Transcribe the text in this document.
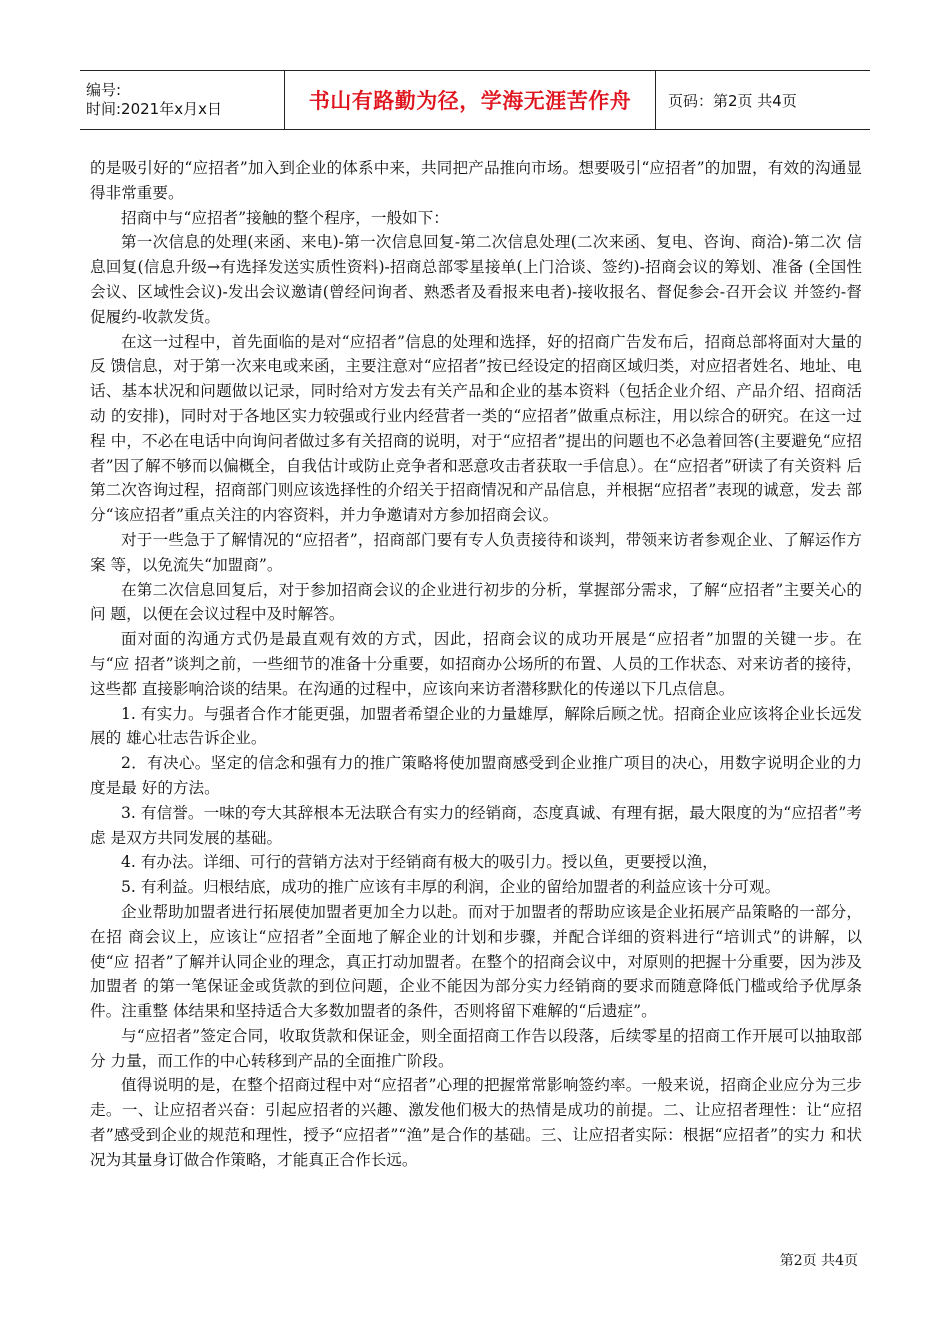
编号:
时间:2021年x月x日	书山有路勤为径，学海无涯苦作舟	页码：第2页 共4页

的是吸引好的“应招者”加入到企业的体系中来，共同把产品推向市场。想要吸引“应招者”的加盟，有效的沟通显得非常重要。

招商中与“应招者”接触的整个程序，一般如下：

第一次信息的处理(来函、来电)-第一次信息回复-第二次信息处理(二次来函、复电、咨询、商洽)-第二次 信息回复(信息升级→有选择发送实质性资料)-招商总部零星接单(上门洽谈、签约)-招商会议的筹划、准备 (全国性会议、区域性会议)-发出会议邀请(曾经问询者、熟悉者及看报来电者)-接收报名、督促参会-召开会议 并签约-督促履约-收款发货。

在这一过程中，首先面临的是对“应招者”信息的处理和选择，好的招商广告发布后，招商总部将面对大量的反 馈信息，对于第一次来电或来函，主要注意对“应招者”按已经设定的招商区域归类，对应招者姓名、地址、电 话、基本状况和问题做以记录，同时给对方发去有关产品和企业的基本资料（包括企业介绍、产品介绍、招商活动 的安排)，同时对于各地区实力较强或行业内经营者一类的“应招者”做重点标注，用以综合的研究。在这一过程 中，不必在电话中向询问者做过多有关招商的说明，对于“应招者”提出的问题也不必急着回答(主要避免“应招 者”因了解不够而以偏概全，自我估计或防止竞争者和恶意攻击者获取一手信息）。在“应招者”研读了有关资料 后第二次咨询过程，招商部门则应该选择性的介绍关于招商情况和产品信息，并根据“应招者”表现的诚意，发去 部分“该应招者”重点关注的内容资料，并力争邀请对方参加招商会议。

对于一些急于了解情况的“应招者”，招商部门要有专人负责接待和谈判，带领来访者参观企业、了解运作方案 等，以免流失“加盟商”。

在第二次信息回复后，对于参加招商会议的企业进行初步的分析，掌握部分需求，了解“应招者”主要关心的问 题，以便在会议过程中及时解答。

面对面的沟通方式仍是最直观有效的方式，因此，招商会议的成功开展是“应招者”加盟的关键一步。在与“应 招者”谈判之前，一些细节的准备十分重要，如招商办公场所的布置、人员的工作状态、对来访者的接待，这些都 直接影响洽谈的结果。在沟通的过程中，应该向来访者潜移默化的传递以下几点信息。

1. 有实力。与强者合作才能更强，加盟者希望企业的力量雄厚，解除后顾之忧。招商企业应该将企业长远发展的 雄心壮志告诉企业。

2．有决心。坚定的信念和强有力的推广策略将使加盟商感受到企业推广项目的决心，用数字说明企业的力度是最 好的方法。

3. 有信誉。一味的夸大其辞根本无法联合有实力的经销商，态度真诚、有理有据，最大限度的为“应招者”考虑 是双方共同发展的基础。

4. 有办法。详细、可行的营销方法对于经销商有极大的吸引力。授以鱼，更要授以渔，

5. 有利益。归根结底，成功的推广应该有丰厚的利润，企业的留给加盟者的利益应该十分可观。

企业帮助加盟者进行拓展使加盟者更加全力以赴。而对于加盟者的帮助应该是企业拓展产品策略的一部分，在招 商会议上，应该让“应招者”全面地了解企业的计划和步骤，并配合详细的资料进行“培训式”的讲解，以使“应 招者”了解并认同企业的理念，真正打动加盟者。在整个的招商会议中，对原则的把握十分重要，因为涉及加盟者 的第一笔保证金或货款的到位问题，企业不能因为部分实力经销商的要求而随意降低门槛或给予优厚条件。注重整 体结果和坚持适合大多数加盟者的条件，否则将留下难解的“后遗症”。

与“应招者”签定合同，收取货款和保证金，则全面招商工作告以段落，后续零星的招商工作开展可以抽取部分 力量，而工作的中心转移到产品的全面推广阶段。

值得说明的是，在整个招商过程中对“应招者”心理的把握常常影响签约率。一般来说，招商企业应分为三步 走。一、让应招者兴奋：引起应招者的兴趣、激发他们极大的热情是成功的前提。二、让应招者理性：让“应招 者”感受到企业的规范和理性，授予“应招者”“渔”是合作的基础。三、让应招者实际：根据“应招者”的实力 和状况为其量身订做合作策略，才能真正合作长远。

第2页 共4页
